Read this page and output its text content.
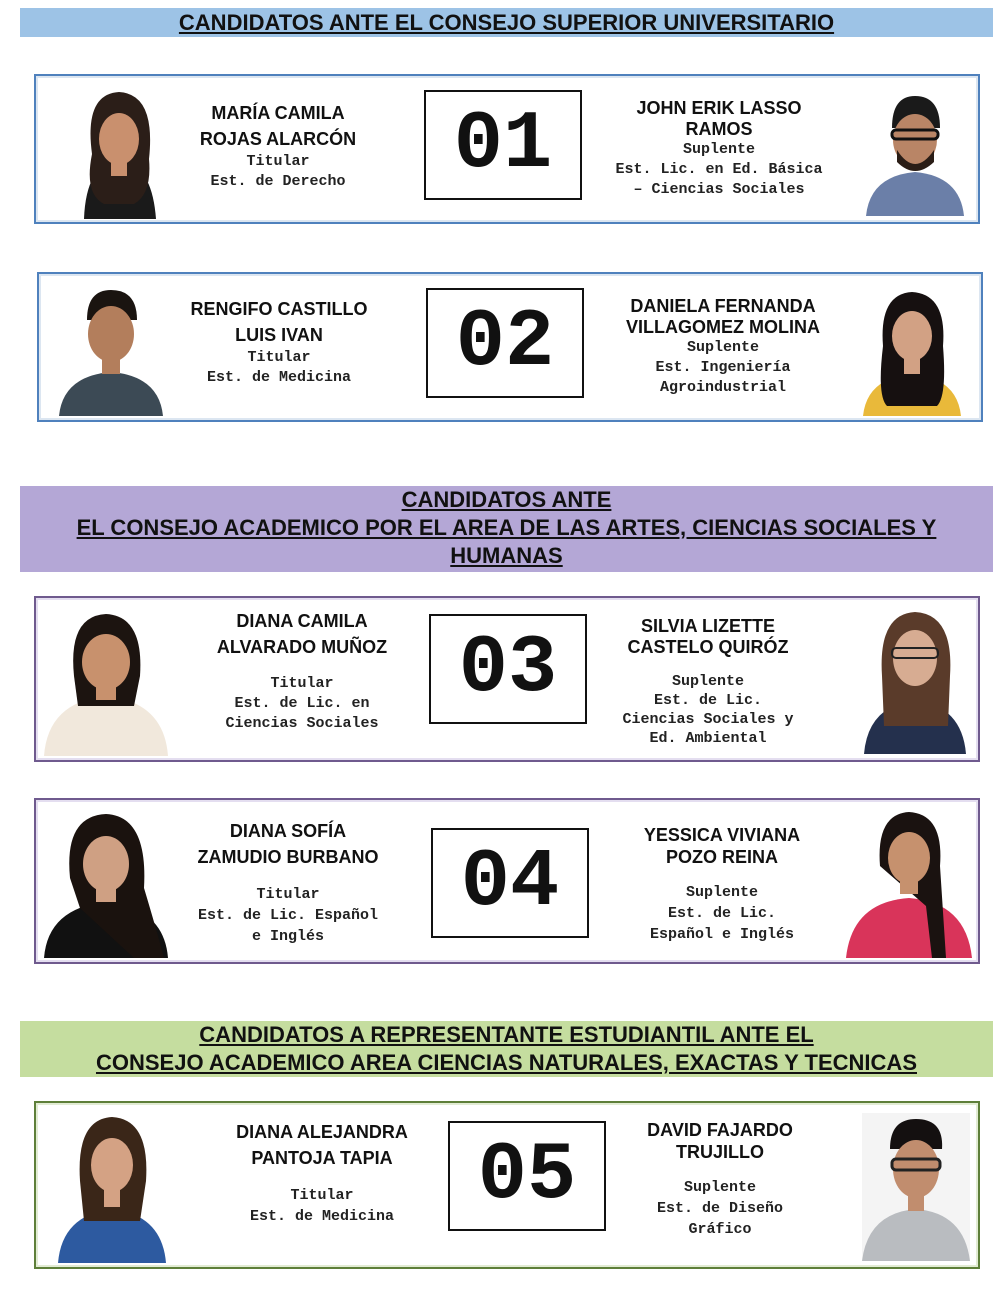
CANDIDATOS ANTE EL CONSEJO SUPERIOR UNIVERSITARIO
MARÍA CAMILA
ROJAS ALARCÓN
Titular
Est. de Derecho	01	JOHN ERIK LASSO
RAMOS
Suplente
Est. Lic. en Ed. Básica
– Ciencias Sociales
RENGIFO CASTILLO
LUIS IVAN
Titular
Est. de Medicina	02	DANIELA FERNANDA
VILLAGOMEZ MOLINA
Suplente
Est. Ingeniería
Agroindustrial
CANDIDATOS ANTE
EL CONSEJO ACADEMICO POR EL AREA DE LAS ARTES, CIENCIAS SOCIALES Y
HUMANAS
DIANA CAMILA
ALVARADO MUÑOZ
Titular
Est. de Lic. en
Ciencias Sociales
03	SILVIA LIZETTE
CASTELO QUIRÓZ
Suplente
Est. de Lic.
Ciencias Sociales y
Ed. Ambiental
DIANA SOFÍA
ZAMUDIO BURBANO
Titular
Est. de Lic. Español
e Inglés
04
YESSICA VIVIANA
POZO REINA
Suplente
Est. de Lic.
Español e Inglés
CANDIDATOS A REPRESENTANTE ESTUDIANTIL ANTE EL
CONSEJO ACADEMICO AREA CIENCIAS NATURALES, EXACTAS Y TECNICAS
DIANA ALEJANDRA
PANTOJA TAPIA
Titular
Est. de Medicina	05	DAVID FAJARDO
TRUJILLO
Suplente
Est. de Diseño
Gráfico
